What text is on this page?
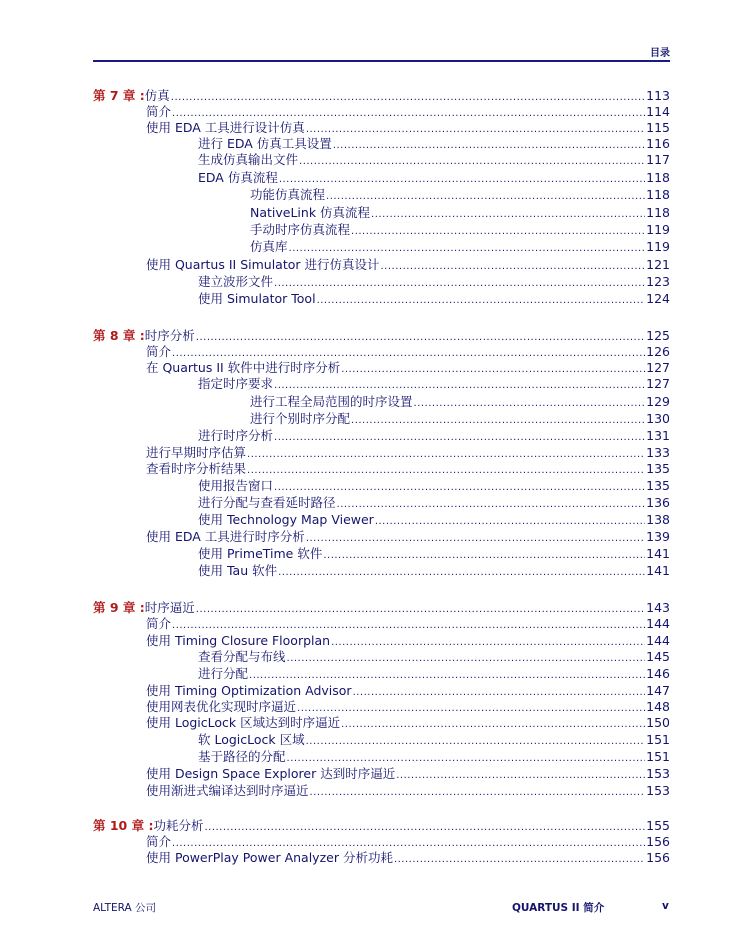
目录
第 7 章 :仿真 .....	113
简介 .....	114
使用 EDA 工具进行设计仿真 .....	115
进行 EDA 仿真工具设置 .....	116
生成仿真输出文件 .....	117
EDA 仿真流程 .....	118
功能仿真流程 .....	118
NativeLink 仿真流程 .....	118
手动时序仿真流程 .....	119
仿真库 .....	119
使用 Quartus II Simulator 进行仿真设计 .....	121
建立波形文件 .....	123
使用 Simulator Tool .....	124
第 8 章 :时序分析 .....	125
简介 .....	126
在 Quartus II 软件中进行时序分析 .....	127
指定时序要求 .....	127
进行工程全局范围的时序设置 .....	129
进行个别时序分配 .....	130
进行时序分析 .....	131
进行早期时序估算 .....	133
查看时序分析结果 .....	135
使用报告窗口 .....	135
进行分配与查看延时路径 .....	136
使用 Technology Map Viewer .....	138
使用 EDA 工具进行时序分析 .....	139
使用 PrimeTime 软件 .....	141
使用 Tau 软件 .....	141
第 9 章 :时序逼近 .....	143
简介 .....	144
使用 Timing Closure Floorplan .....	144
查看分配与布线 .....	145
进行分配 .....	146
使用 Timing Optimization Advisor .....	147
使用网表优化实现时序逼近 .....	148
使用 LogicLock 区域达到时序逼近 .....	150
软 LogicLock 区域 .....	151
基于路径的分配 .....	151
使用 Design Space Explorer 达到时序逼近 .....	153
使用渐进式编译达到时序逼近 .....	153
第 10 章 :功耗分析 .....	155
简介 .....	156
使用 PowerPlay Power Analyzer 分析功耗 .....	156
ALTERA 公司	QUARTUS II 简介	v
